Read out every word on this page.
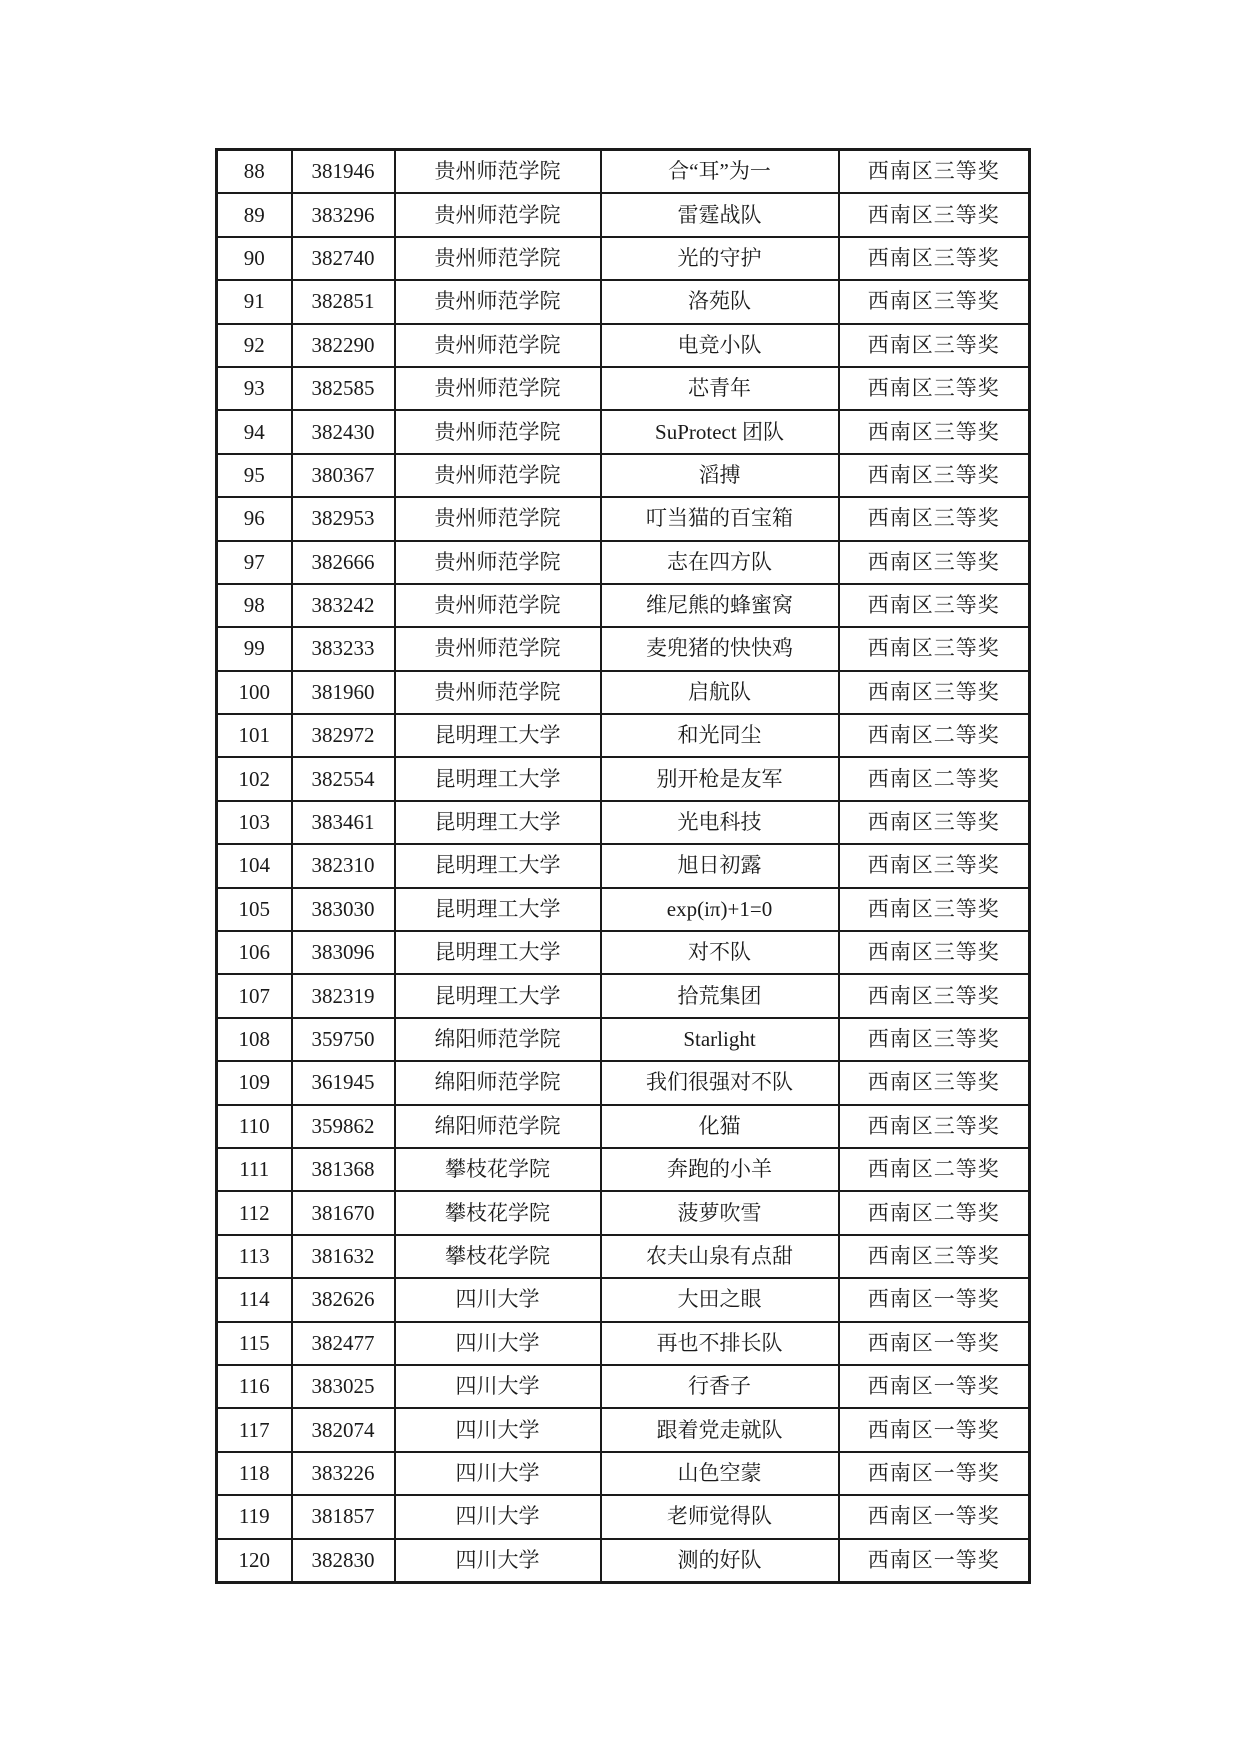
88	381946	贵州师范学院	合“耳”为一	西南区三等奖
89	383296	贵州师范学院	雷霆战队	西南区三等奖
90	382740	贵州师范学院	光的守护	西南区三等奖
91	382851	贵州师范学院	洛苑队	西南区三等奖
92	382290	贵州师范学院	电竞小队	西南区三等奖
93	382585	贵州师范学院	芯青年	西南区三等奖
94	382430	贵州师范学院	SuProtect 团队	西南区三等奖
95	380367	贵州师范学院	滔搏	西南区三等奖
96	382953	贵州师范学院	叮当猫的百宝箱	西南区三等奖
97	382666	贵州师范学院	志在四方队	西南区三等奖
98	383242	贵州师范学院	维尼熊的蜂蜜窝	西南区三等奖
99	383233	贵州师范学院	麦兜猪的快快鸡	西南区三等奖
100	381960	贵州师范学院	启航队	西南区三等奖
101	382972	昆明理工大学	和光同尘	西南区二等奖
102	382554	昆明理工大学	别开枪是友军	西南区二等奖
103	383461	昆明理工大学	光电科技	西南区三等奖
104	382310	昆明理工大学	旭日初露	西南区三等奖
105	383030	昆明理工大学	exp(iπ)+1=0	西南区三等奖
106	383096	昆明理工大学	对不队	西南区三等奖
107	382319	昆明理工大学	拾荒集团	西南区三等奖
108	359750	绵阳师范学院	Starlight	西南区三等奖
109	361945	绵阳师范学院	我们很强对不队	西南区三等奖
110	359862	绵阳师范学院	化猫	西南区三等奖
111	381368	攀枝花学院	奔跑的小羊	西南区二等奖
112	381670	攀枝花学院	菠萝吹雪	西南区二等奖
113	381632	攀枝花学院	农夫山泉有点甜	西南区三等奖
114	382626	四川大学	大田之眼	西南区一等奖
115	382477	四川大学	再也不排长队	西南区一等奖
116	383025	四川大学	行香子	西南区一等奖
117	382074	四川大学	跟着党走就队	西南区一等奖
118	383226	四川大学	山色空蒙	西南区一等奖
119	381857	四川大学	老师觉得队	西南区一等奖
120	382830	四川大学	测的好队	西南区一等奖
